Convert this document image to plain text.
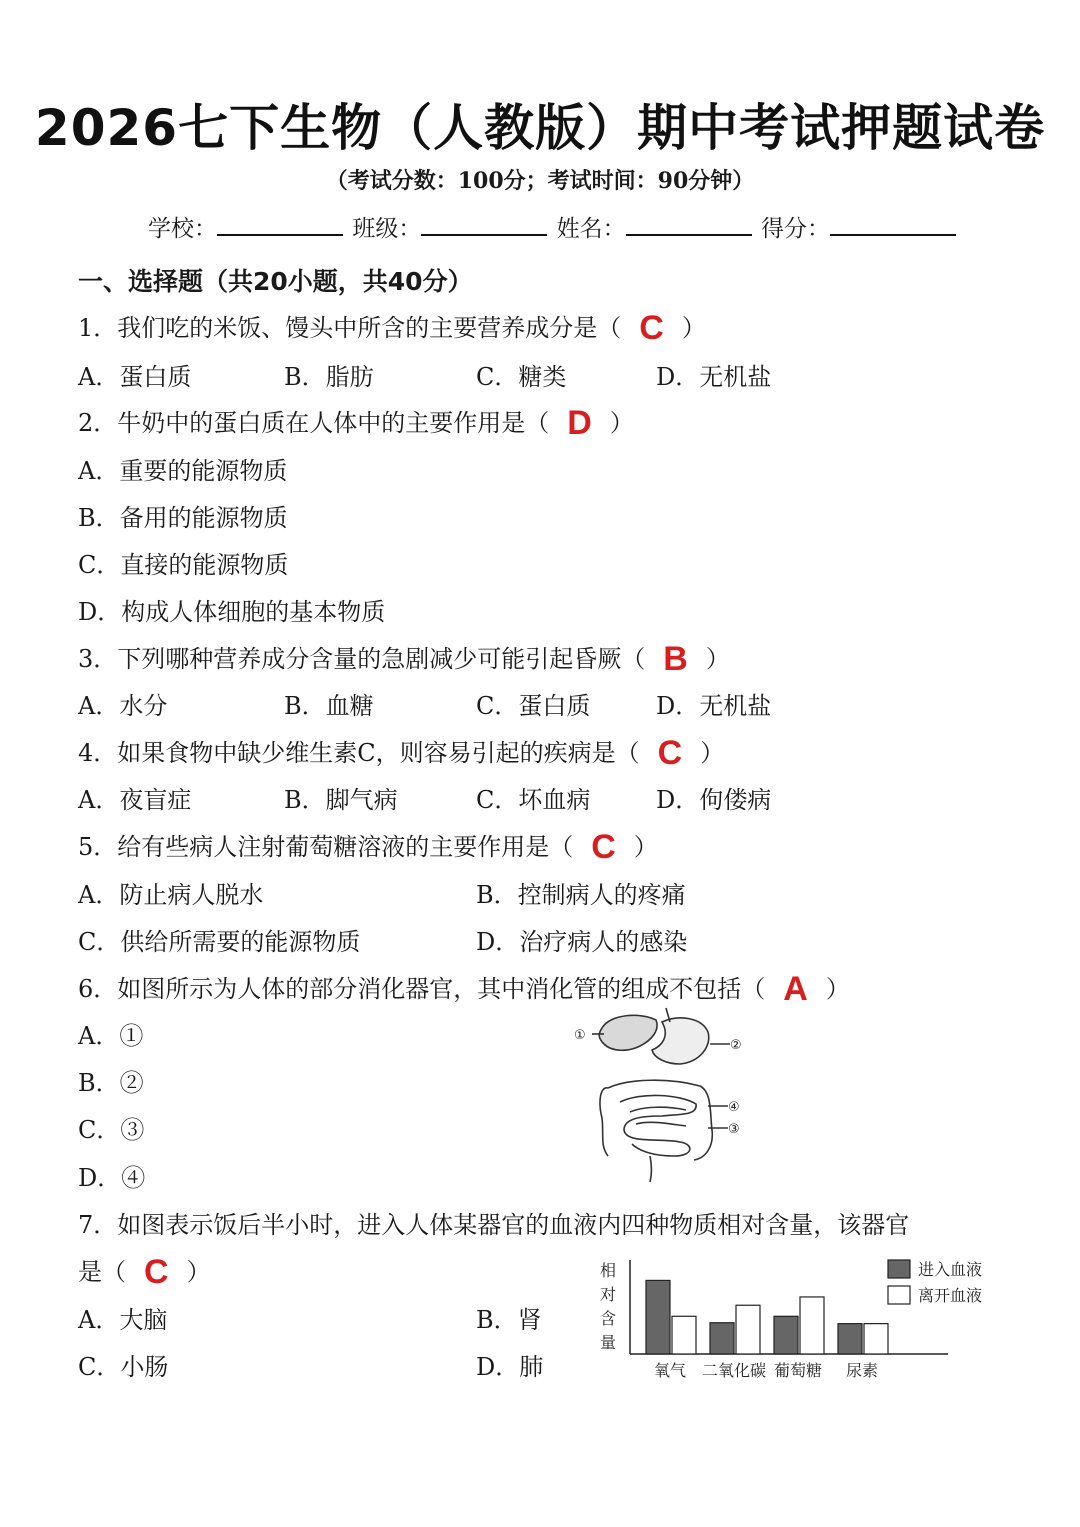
2026七下生物（人教版）期中考试押题试卷
（考试分数：100分；考试时间：90分钟）
学校：	班级：	姓名：	得分：
一、选择题（共20小题，共40分）
1．我们吃的米饭、馒头中所含的主要营养成分是（ C ）
A．蛋白质	B．脂肪	C．糖类	D．无机盐
2．牛奶中的蛋白质在人体中的主要作用是（ D ）
A．重要的能源物质
B．备用的能源物质
C．直接的能源物质
D．构成人体细胞的基本物质
3．下列哪种营养成分含量的急剧减少可能引起昏厥（ B ）
A．水分	B．血糖	C．蛋白质	D．无机盐
4．如果食物中缺少维生素C，则容易引起的疾病是（ C ）
A．夜盲症	B．脚气病	C．坏血病	D．佝偻病
5．给有些病人注射葡萄糖溶液的主要作用是（ C ）
A．防止病人脱水	B．控制病人的疼痛
C．供给所需要的能源物质	D．治疗病人的感染
6．如图所示为人体的部分消化器官，其中消化管的组成不包括（ A ）
A．①
B．②
C．③
D．④
①
②
④
③
7．如图表示饭后半小时，进入人体某器官的血液内四种物质相对含量，该器官
是（ C ）
A．大脑	B．肾
C．小肠	D．肺
相对含量
氧气 二氧化碳 葡萄糖 尿素
进入血液
离开血液
